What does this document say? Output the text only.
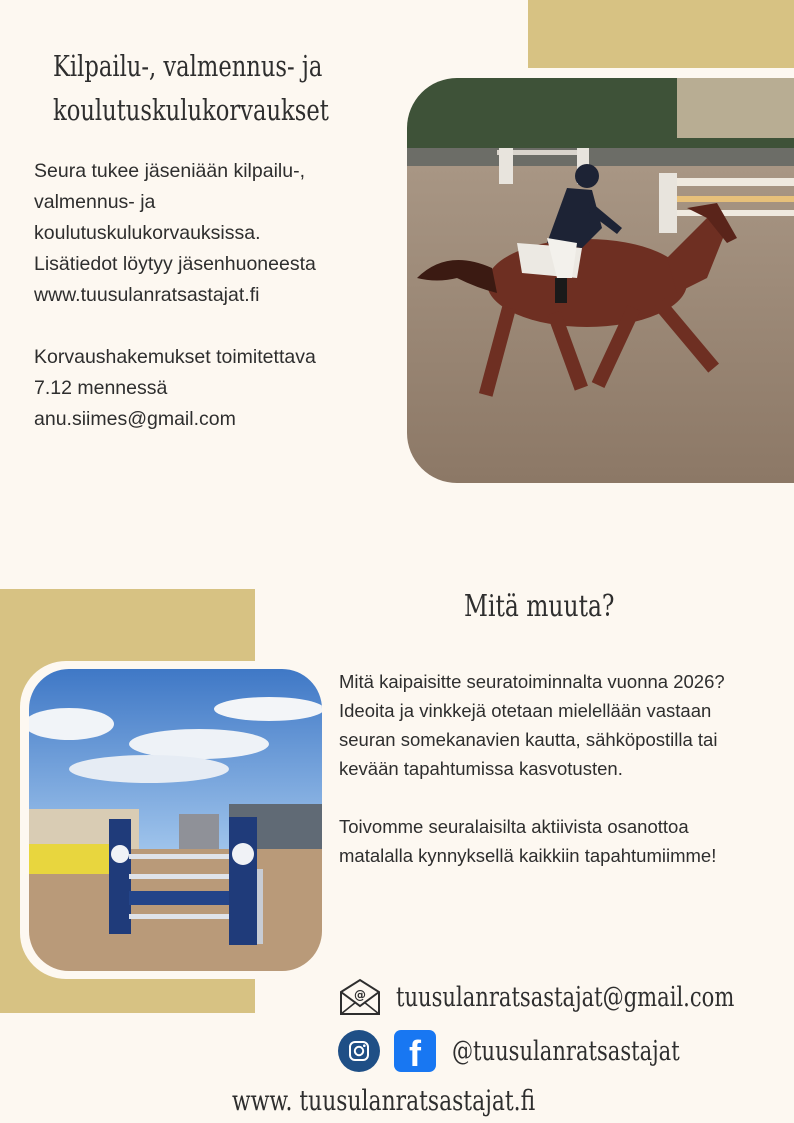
Kilpailu-, valmennus- ja
koulutuskulukorvaukset

Seura tukee jäseniään kilpailu-,

valmennus- ja

koulutuskulukorvauksissa.

Lisätiedot löytyy jäsenhuoneesta

www.tuusulanratsastajat.fi

Korvaushakemukset toimitettava

7.12 mennessä

anu.siimes@gmail.com

Mitä muuta?

Mitä kaipaisitte seuratoiminnalta vuonna 2026?

Ideoita ja vinkkejä otetaan mielellään vastaan

seuran somekanavien kautta, sähköpostilla tai

kevään tapahtumissa kasvotusten.

Toivomme seuralaisilta aktiivista osanottoa

matalalla kynnyksellä kaikkiin tapahtumiimme!

@ tuusulanratsastajat@gmail.com
f	@tuusulanratsastajat
www. tuusulanratsastajat.fi
